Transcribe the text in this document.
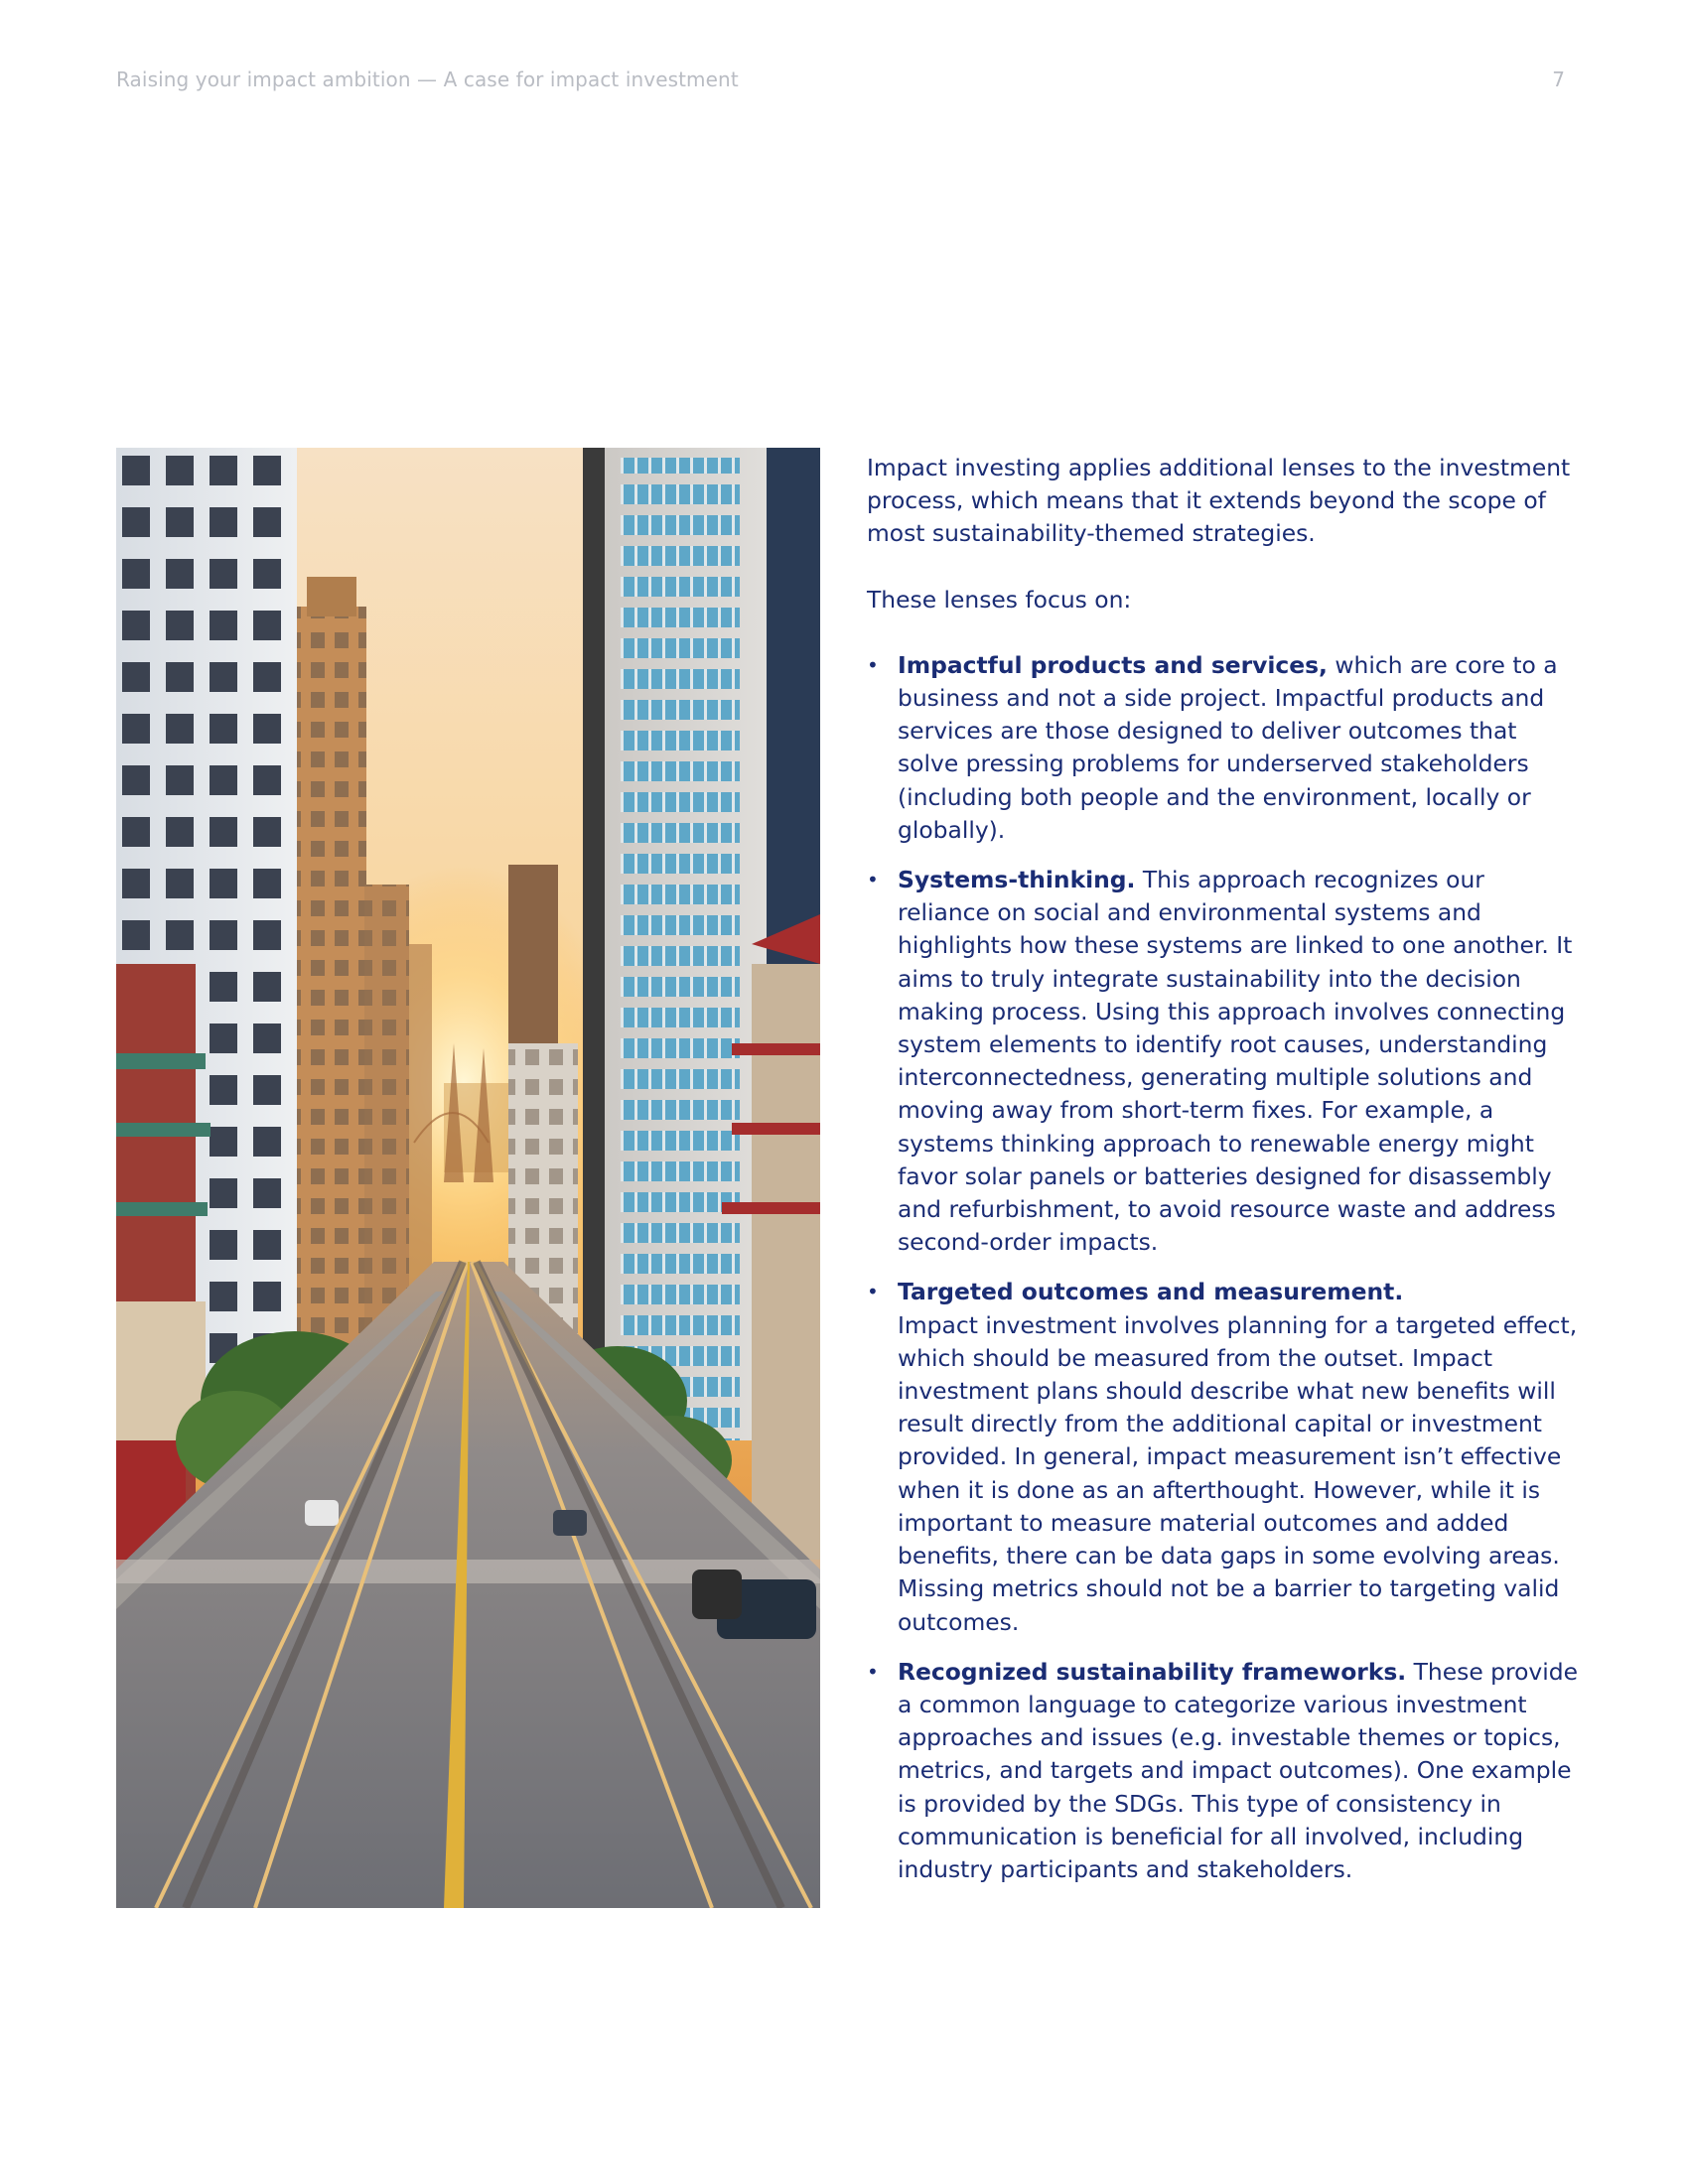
Raising your impact ambition — A case for impact investment	7

Impact investing applies additional lenses to the investment process, which means that it extends beyond the scope of most sustainability-themed strategies.

These lenses focus on:

• Impactful products and services, which are core to a business and not a side project. Impactful products and services are those designed to deliver outcomes that solve pressing problems for underserved stakeholders (including both people and the environment, locally or globally).
• Systems-thinking. This approach recognizes our reliance on social and environmental systems and highlights how these systems are linked to one another. It aims to truly integrate sustainability into the decision making process. Using this approach involves connecting system elements to identify root causes, understanding interconnectedness, generating multiple solutions and moving away from short-term fixes. For example, a systems thinking approach to renewable energy might favor solar panels or batteries designed for disassembly and refurbishment, to avoid resource waste and address second-order impacts.
• Targeted outcomes and measurement.
Impact investment involves planning for a targeted effect, which should be measured from the outset. Impact investment plans should describe what new benefits will result directly from the additional capital or investment provided. In general, impact measurement isn’t effective when it is done as an afterthought. However, while it is important to measure material outcomes and added benefits, there can be data gaps in some evolving areas. Missing metrics should not be a barrier to targeting valid outcomes.
• Recognized sustainability frameworks. These provide a common language to categorize various investment approaches and issues (e.g. investable themes or topics, metrics, and targets and impact outcomes). One example is provided by the SDGs. This type of consistency in communication is beneficial for all involved, including industry participants and stakeholders.
